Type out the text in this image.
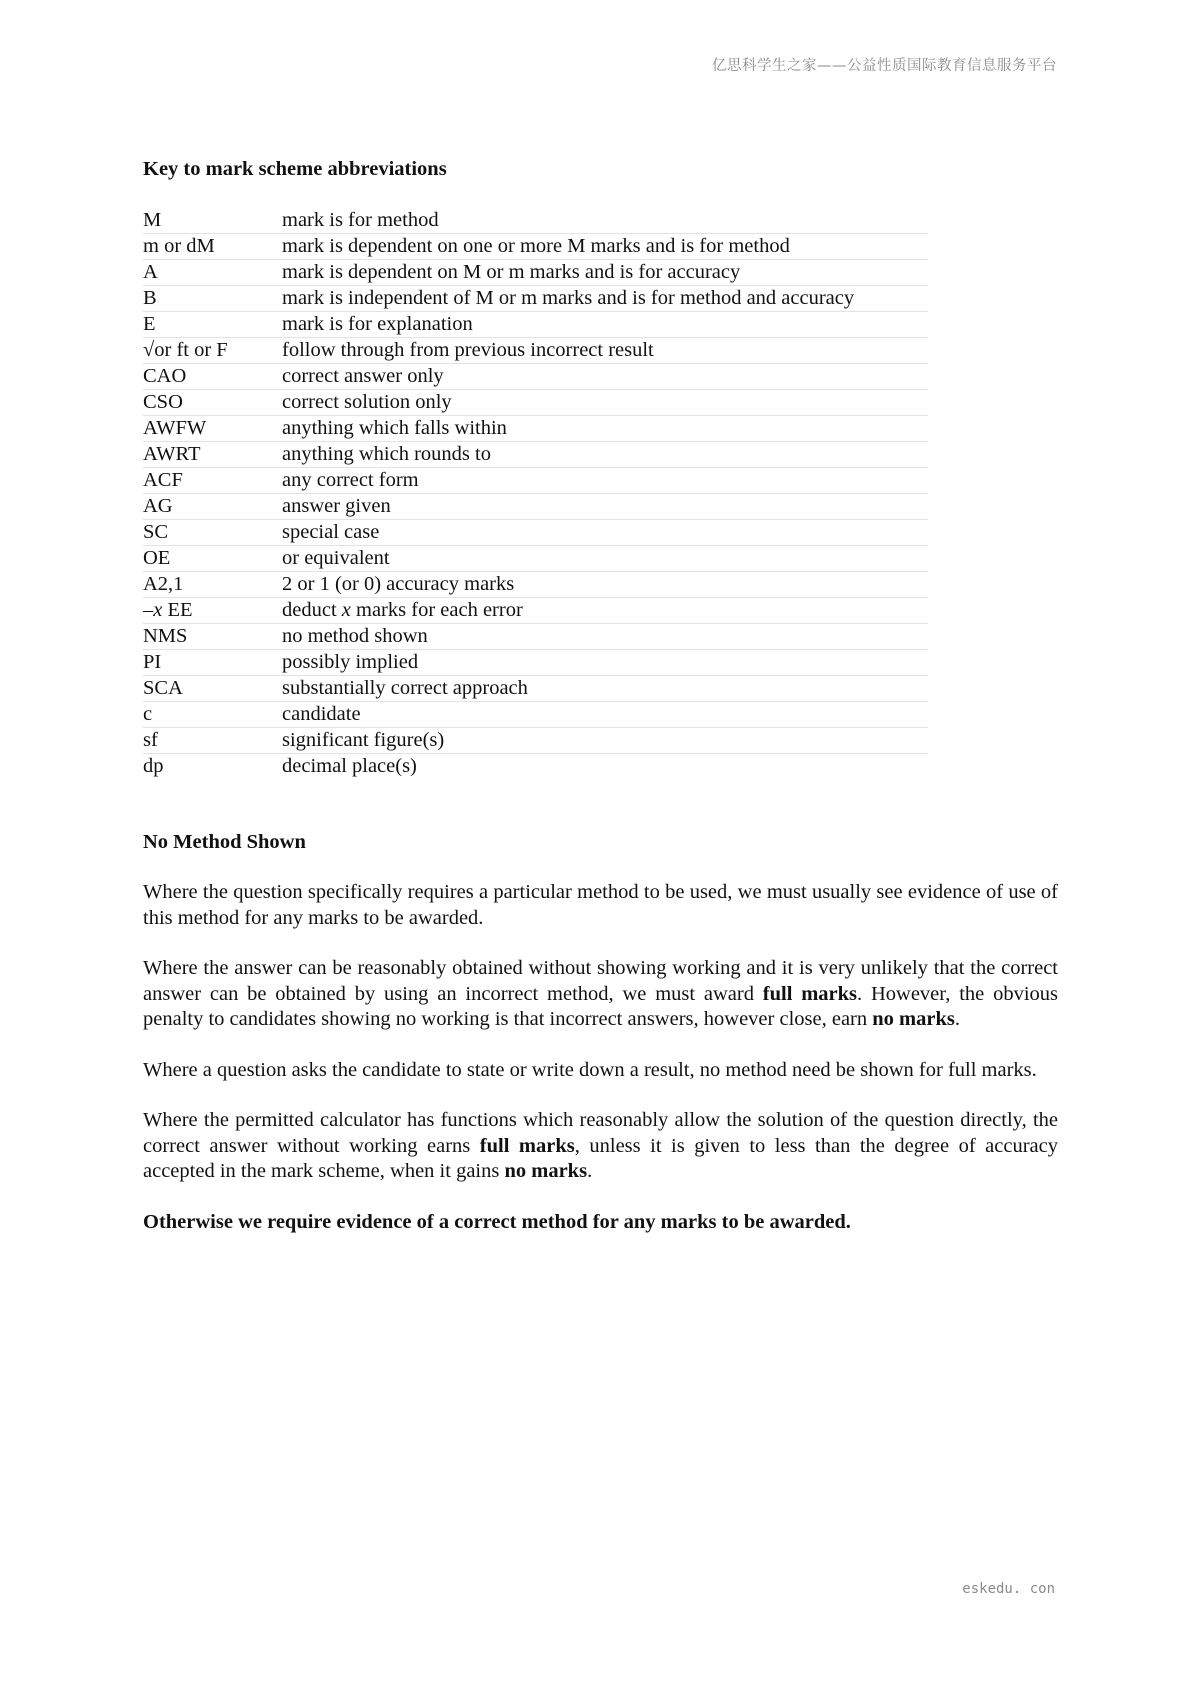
亿思科学生之家——公益性质国际教育信息服务平台
Key to mark scheme abbreviations
M	mark is for method
m or dM	mark is dependent on one or more M marks and is for method
A	mark is dependent on M or m marks and is for accuracy
B	mark is independent of M or m marks and is for method and accuracy
E	mark is for explanation
√or ft or F	follow through from previous incorrect result
CAO	correct answer only
CSO	correct solution only
AWFW	anything which falls within
AWRT	anything which rounds to
ACF	any correct form
AG	answer given
SC	special case
OE	or equivalent
A2,1	2 or 1 (or 0) accuracy marks
–x EE	deduct x marks for each error
NMS	no method shown
PI	possibly implied
SCA	substantially correct approach
c	candidate
sf	significant figure(s)
dp	decimal place(s)
No Method Shown

Where the question specifically requires a particular method to be used, we must usually see evidence of use of this method for any marks to be awarded.

Where the answer can be reasonably obtained without showing working and it is very unlikely that the correct answer can be obtained by using an incorrect method, we must award full marks. However, the obvious penalty to candidates showing no working is that incorrect answers, however close, earn no marks.

Where a question asks the candidate to state or write down a result, no method need be shown for full marks.

Where the permitted calculator has functions which reasonably allow the solution of the question directly, the correct answer without working earns full marks, unless it is given to less than the degree of accuracy accepted in the mark scheme, when it gains no marks.

Otherwise we require evidence of a correct method for any marks to be awarded.

eskedu. con
